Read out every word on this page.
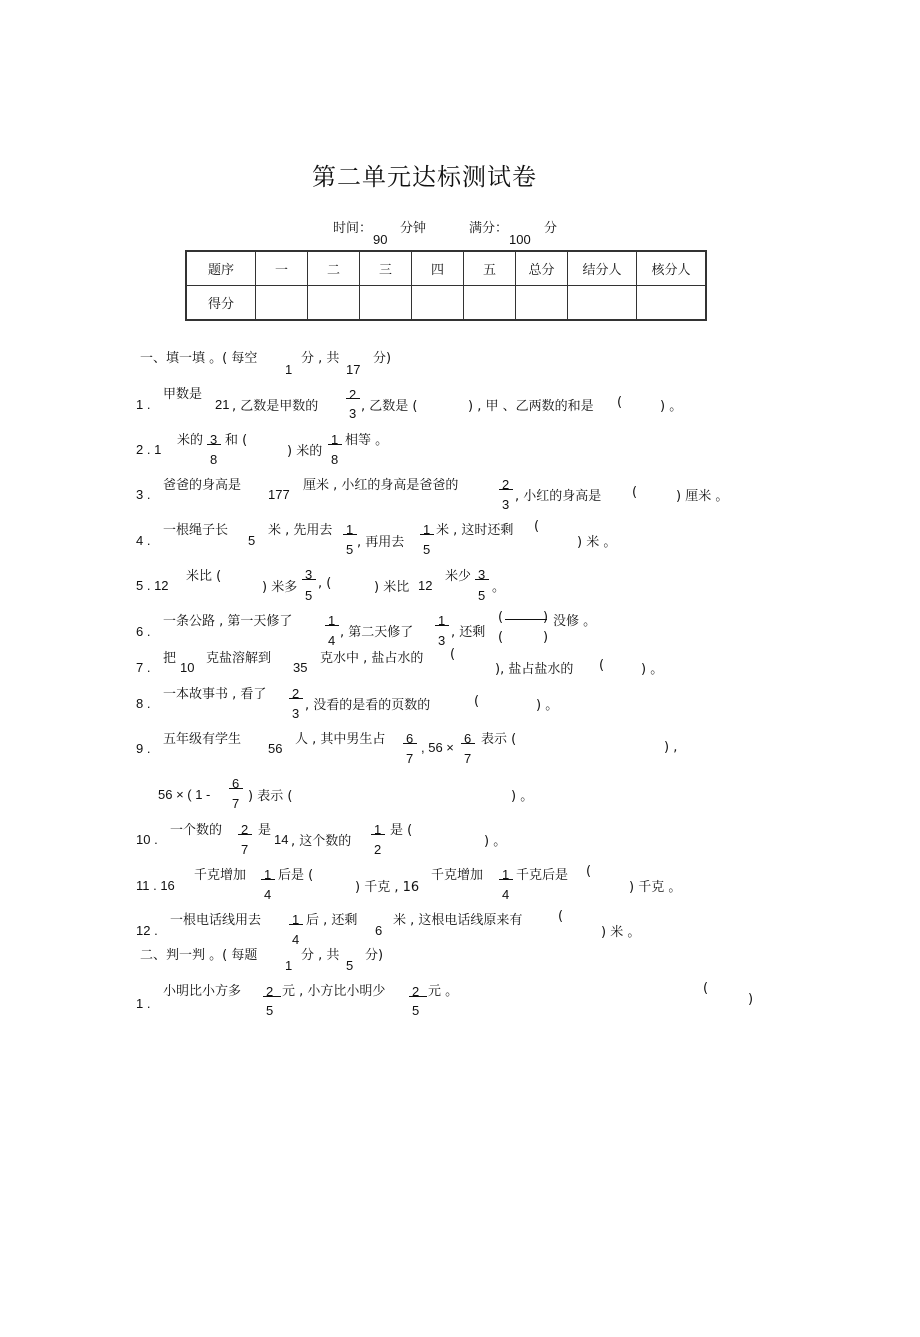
第二单元达标测试卷
时间：
90
分钟	满分：
100
分
题序	一	二	三	四	五	总分	结分人	核分人
得分								
一、填一填 。( 每空
1
分 , 共
17
分)
1 .
甲数是
21 , 乙数是甲数的
2
3 , 乙数是 (	) , 甲 、乙两数的和是 (	) 。
2 . 1
米的 3
8
和 (
) 米的
1
8
相等 。
3 .
爸爸的身高是
177
厘米 , 小红的身高是爸爸的	2
3
, 小红的身高是 (	) 厘米 。
4 .
一根绳子长
5
米 , 先用去 1
5 , 再用去
1
5
米 , 这时还剩 (
) 米 。
5 . 12
米比 (
) 米多
3
5
, (	) 米比 12
米少 3
5
。
6 .
一条公路 , 第一天修了	1
4
, 第二天修了
1
3
, 还剩
(	) 没修 。
(	)
7 .
把
10
克盐溶解到
35
克水中 , 盐占水的 (
), 盐占盐水的 (	) 。
8 .
一本故事书 , 看了 2
3
, 没看的是看的页数的	(	) 。
9 .
五年级有学生
56
人 , 其中男生占 6
7
, 56 ×
6
7
表示 (
) ,
56 × ( 1 -
6
7 ) 表示 (	) 。
10 .
一个数的 2
7
是
14 , 这个数的
1
2
是 (
) 。
11 . 16
千克增加 1
4
后是 (
) 千克 , 16
千克增加 1
4
千克后是 (
) 千克 。
12 .
一根电话线用去 1
4
后 , 还剩
6
米 , 这根电话线原来有	(
) 米 。
二、判一判 。( 每题
1
分 , 共
5
分)
1 .
小明比小方多 2
5
元 , 小方比小明少 2
5
元 。	(
)
